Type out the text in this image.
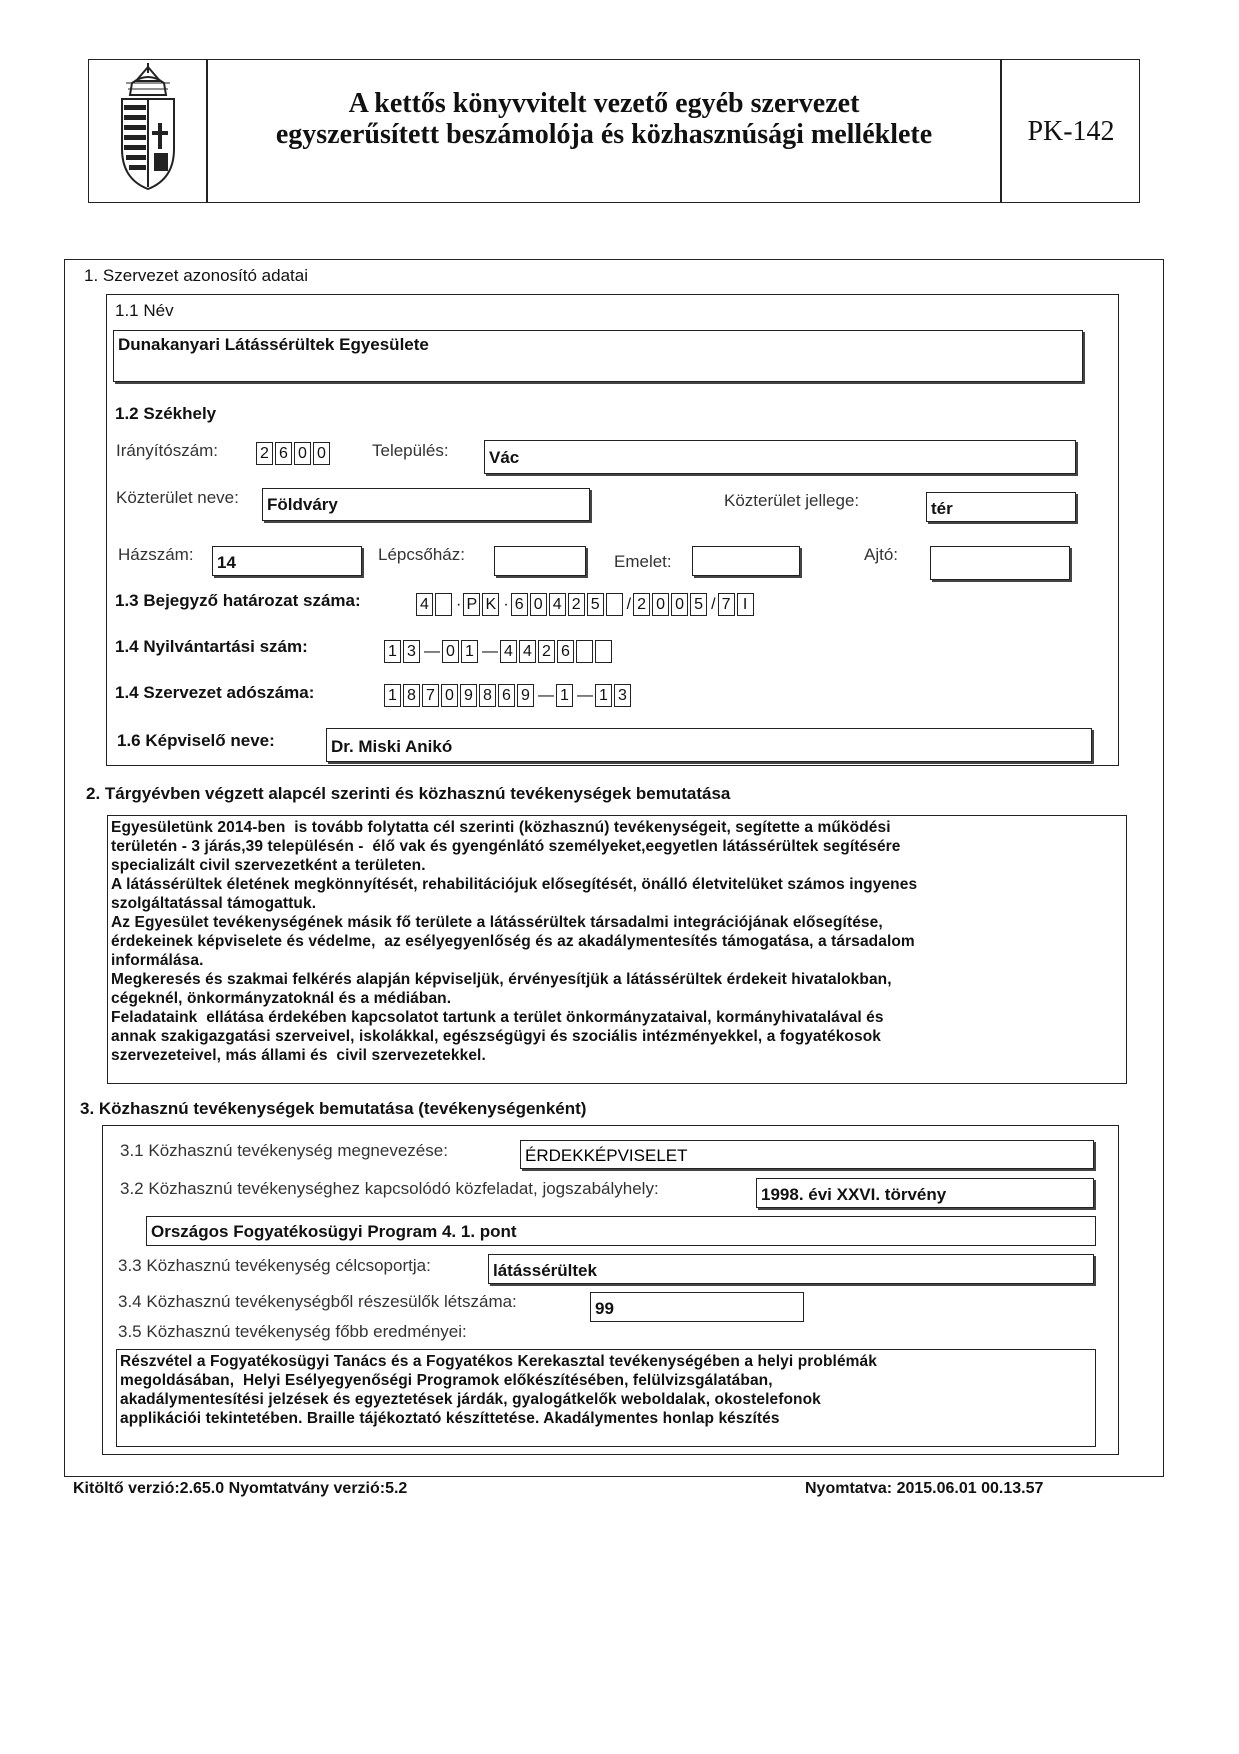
A kettős könyvvitelt vezető egyéb szervezet
egyszerűsített beszámolója és közhasznúsági melléklete	PK-142
1. Szervezet azonosító adatai
1.1 Név
Dunakanyari Látássérültek Egyesülete
1.2 Székhely
Irányítószám:	2 6 0 0	Település: Vác
Közterület neve: Földváry	Közterület jellege:	tér
Házszám: 14	Lépcsőház:	Emelet:	Ajtó:
1.3 Bejegyző határozat száma:	4 · P K · 6 0 4 2 5 / 2 0 0 5 / 7 I
1.4 Nyilvántartási szám:	1 3 — 0 1 — 4 4 2 6
1.4 Szervezet adószáma:	1 8 7 0 9 8 6 9 — 1 — 1 3
1.6 Képviselő neve:	Dr. Miski Anikó
2. Tárgyévben végzett alapcél szerinti és közhasznú tevékenységek bemutatása
Egyesületünk 2014-ben  is tovább folytatta cél szerinti (közhasznú) tevékenységeit, segítette a működési
területén - 3 járás,39 településén -  élő vak és gyengénlátó személyeket,eegyetlen látássérültek segítésére
specializált civil szervezetként a területen.
A látássérültek életének megkönnyítését, rehabilitációjuk elősegítését, önálló életvitelüket számos ingyenes
szolgáltatással támogattuk.
Az Egyesület tevékenységének másik fő területe a látássérültek társadalmi integrációjának elősegítése,
érdekeinek képviselete és védelme,  az esélyegyenlőség és az akadálymentesítés támogatása, a társadalom
informálása.
Megkeresés és szakmai felkérés alapján képviseljük, érvényesítjük a látássérültek érdekeit hivatalokban,
cégeknél, önkormányzatoknál és a médiában.
Feladataink  ellátása érdekében kapcsolatot tartunk a terület önkormányzataival, kormányhivatalával és
annak szakigazgatási szerveivel, iskolákkal, egészségügyi és szociális intézményekkel, a fogyatékosok
szervezeteivel, más állami és  civil szervezetekkel.
3. Közhasznú tevékenységek bemutatása (tevékenységenként)
3.1 Közhasznú tevékenység megnevezése:	ÉRDEKKÉPVISELET
3.2 Közhasznú tevékenységhez kapcsolódó közfeladat, jogszabályhely:	1998. évi XXVI. törvény
Országos Fogyatékosügyi Program 4. 1. pont
3.3 Közhasznú tevékenység célcsoportja:	látássérültek
3.4 Közhasznú tevékenységből részesülők létszáma:	99
3.5 Közhasznú tevékenység főbb eredményei:
Részvétel a Fogyatékosügyi Tanács és a Fogyatékos Kerekasztal tevékenységében a helyi problémák
megoldásában,  Helyi Esélyegyenőségi Programok előkészítésében, felülvizsgálatában,
akadálymentesítési jelzések és egyeztetések járdák, gyalogátkelők weboldalak, okostelefonok
applikációi tekintetében. Braille tájékoztató készíttetése. Akadálymentes honlap készítés
Kitöltő verzió:2.65.0 Nyomtatvány verzió:5.2	Nyomtatva: 2015.06.01 00.13.57
